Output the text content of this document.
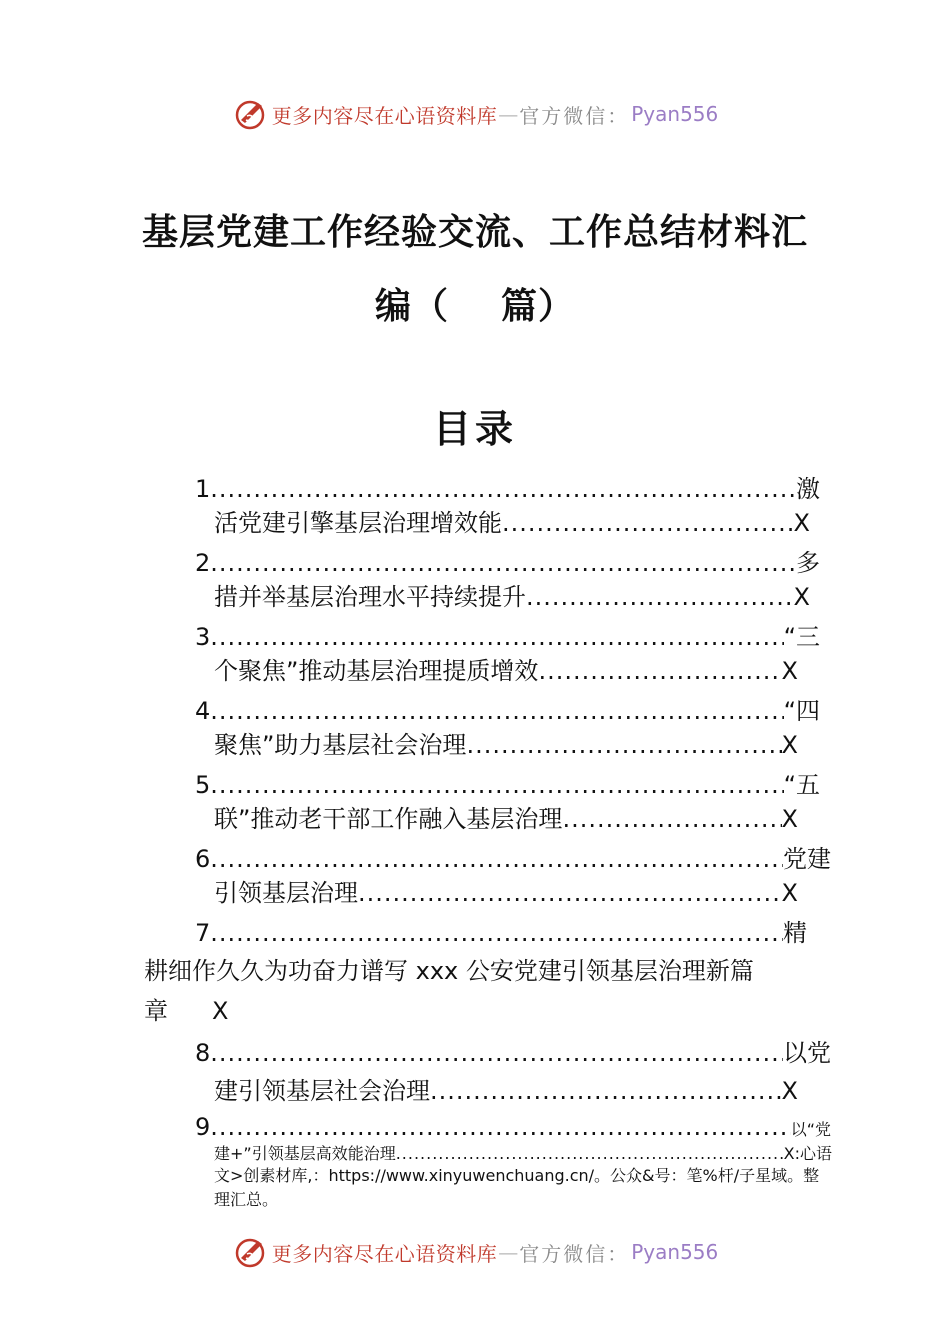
更多内容尽在心语资料库 — 官方微信： Pyan556
基层党建工作经验交流、工作总结材料汇
编（ 篇）
目录
1 .....	激
活党建引擎基层治理增效能 .....	X
2 .....	多
措并举基层治理水平持续提升 .....	X
3 .....	“三
个聚焦”推动基层治理提质增效 .....	X
4 .....	“四
聚焦”助力基层社会治理 .....	X
5 .....	“五
联”推动老干部工作融入基层治理 .....	X
6 .....	党建
引领基层治理 .....	X
7 .....	精
耕细作久久为功奋力谱写 xxx 公安党建引领基层治理新篇
章 X
8 .....	以党
建引领基层社会治理 .....	X
9 .....	以“党
建+”引领基层高效能治理 .....	X:心语
文>创素材库,：https://www.xinyuwenchuang.cn/。公众&号：笔%杆/子星域。整理汇总。
更多内容尽在心语资料库 — 官方微信： Pyan556
